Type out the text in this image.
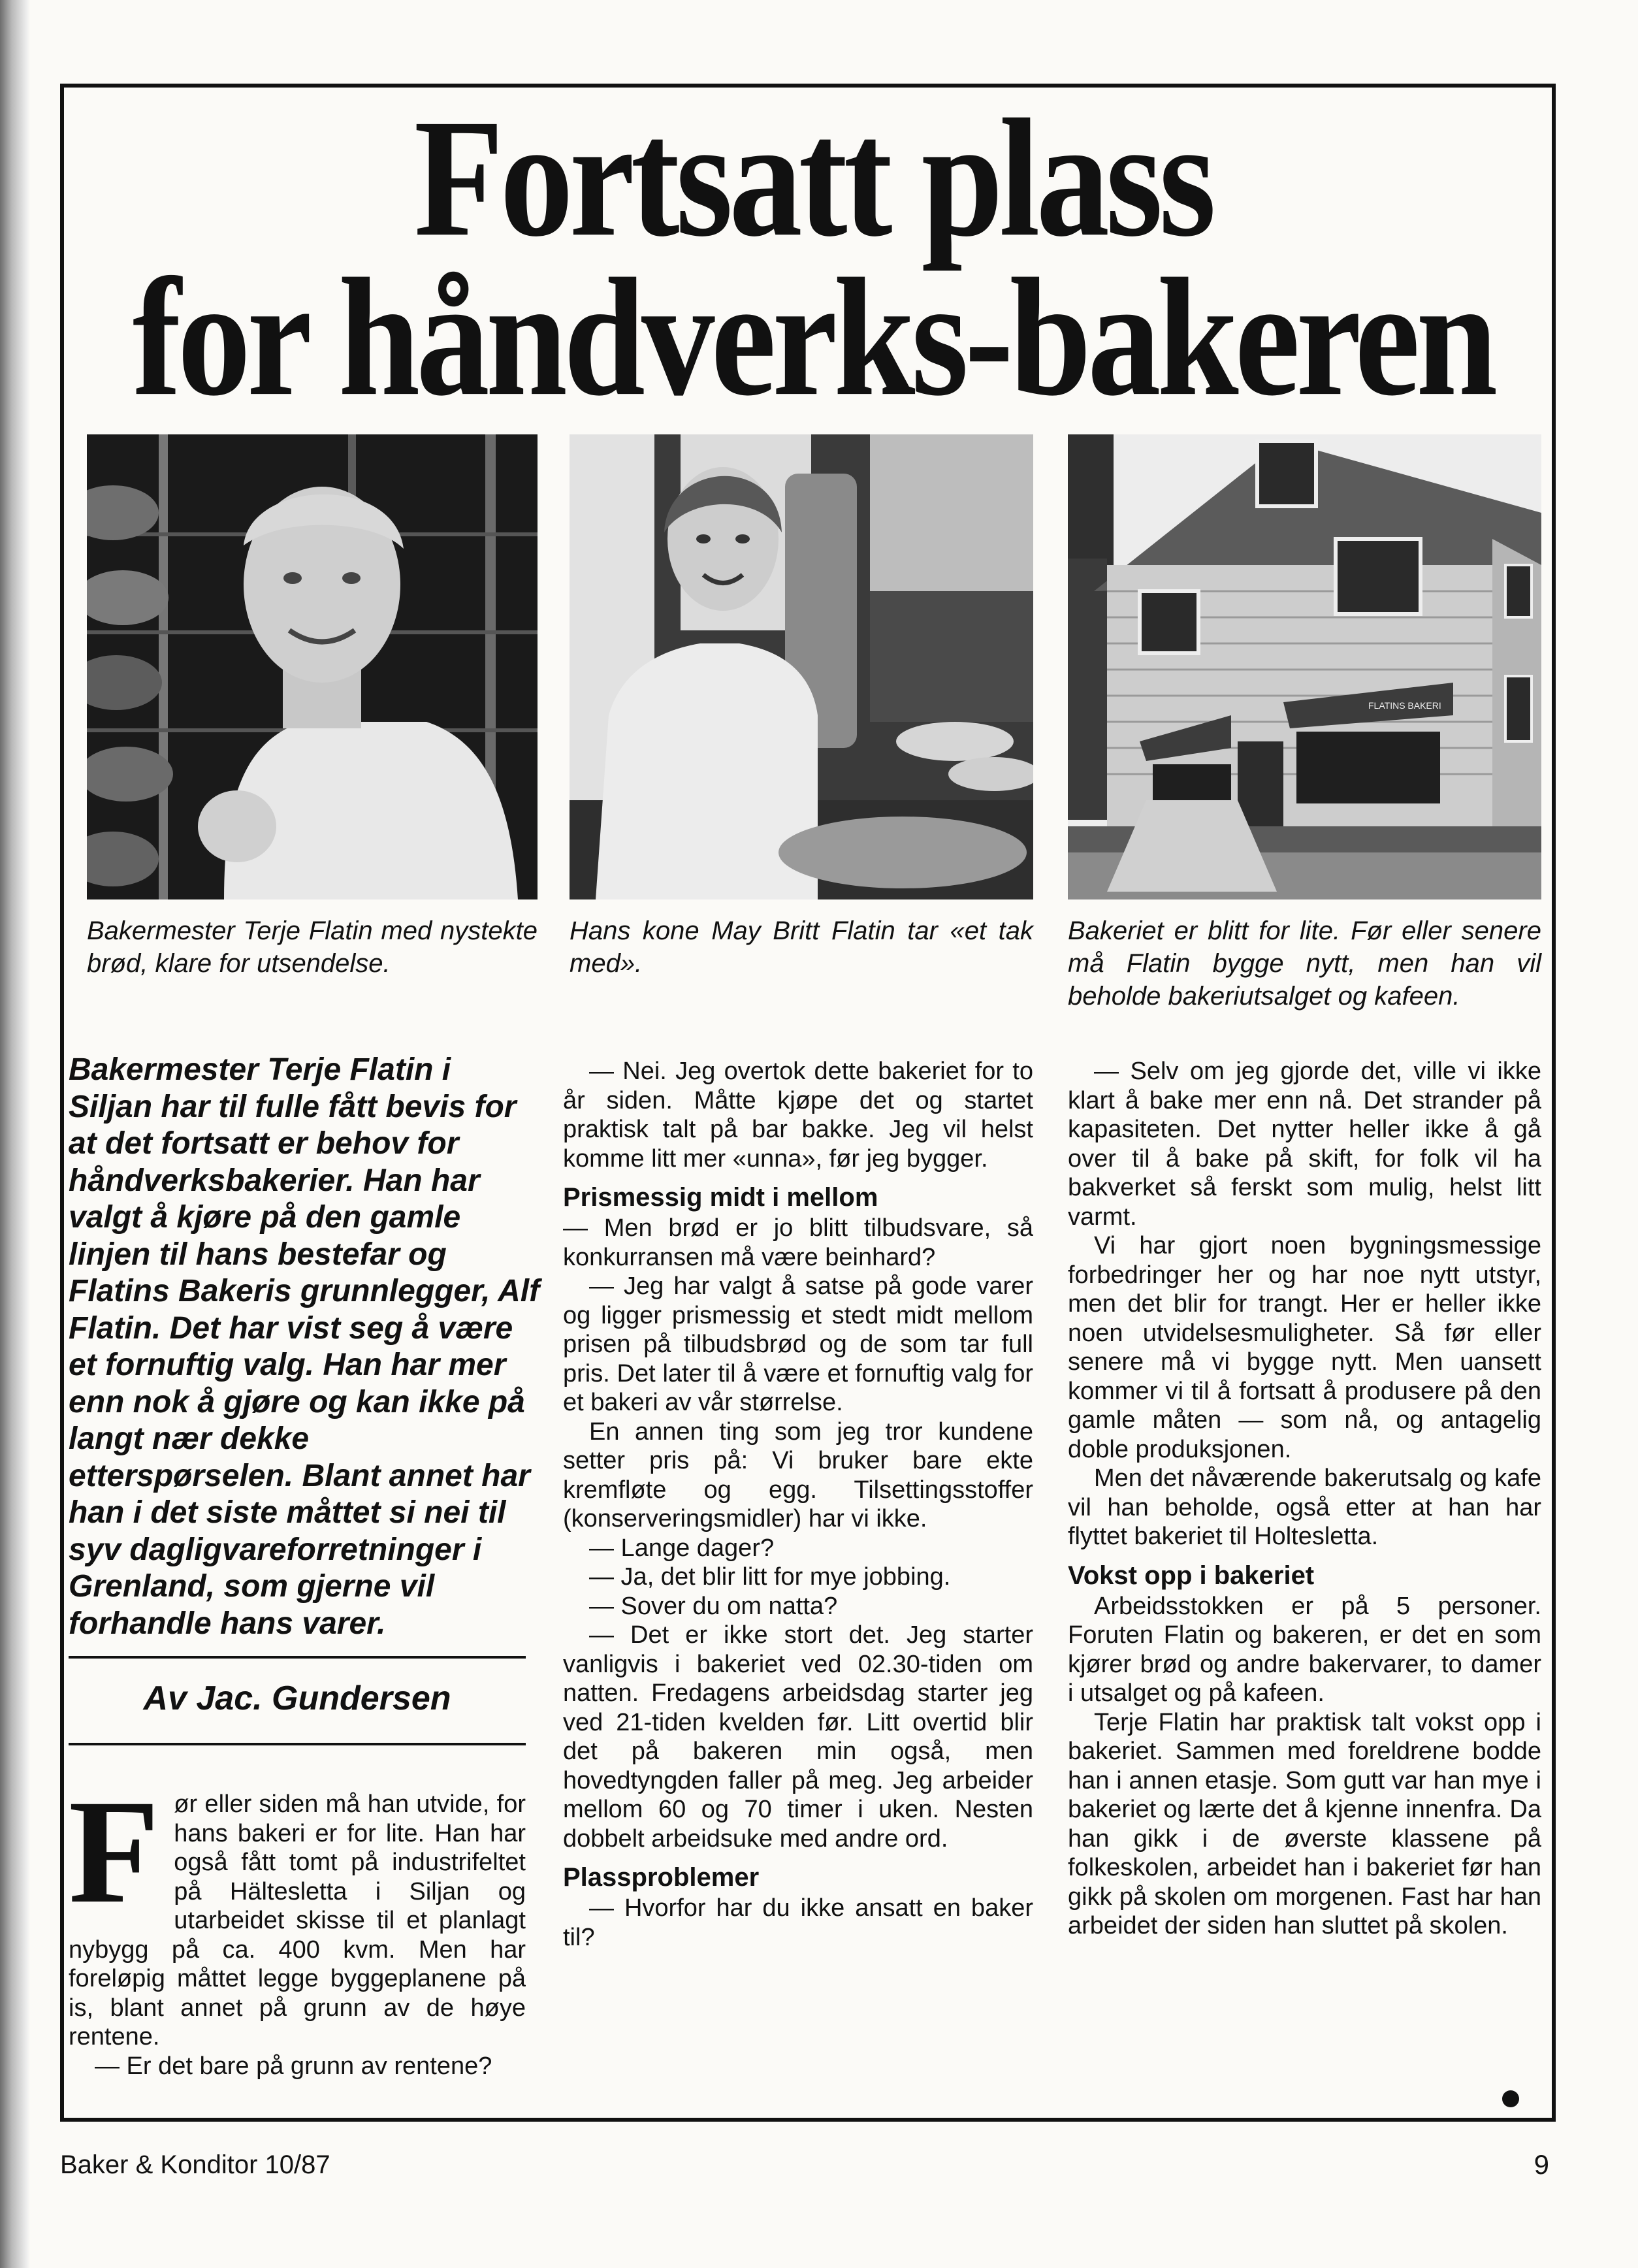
Fortsatt plass
for håndverks-bakeren
FLATINS BAKERI

Bakermester Terje Flatin med nystekte brød, klare for utsendelse.

Hans kone May Britt Flatin tar «et tak med».

Bakeriet er blitt for lite. Før eller senere må Flatin bygge nytt, men han vil beholde bakeriutsalget og kafeen.

Bakermester Terje Flatin i Siljan har til fulle fått bevis for at det fortsatt er behov for håndverksbakerier. Han har valgt å kjøre på den gamle linjen til hans bestefar og Flatins Bakeris grunnlegger, Alf Flatin. Det har vist seg å være et fornuftig valg. Han har mer enn nok å gjøre og kan ikke på langt nær dekke etterspørselen. Blant annet har han i det siste måttet si nei til syv dagligvareforretninger i Grenland, som gjerne vil forhandle hans varer.

Av Jac. Gundersen

Før eller siden må han utvide, for hans bakeri er for lite. Han har også fått tomt på industrifeltet på Hältesletta i Siljan og utarbeidet skisse til et planlagt nybygg på ca. 400 kvm. Men har foreløpig måttet legge byggeplanene på is, blant annet på grunn av de høye rentene.

— Er det bare på grunn av rentene?

— Nei. Jeg overtok dette bakeriet for to år siden. Måtte kjøpe det og startet praktisk talt på bar bakke. Jeg vil helst komme litt mer «unna», før jeg bygger.

Prismessig midt i mellom

— Men brød er jo blitt tilbudsvare, så konkurransen må være beinhard?

— Jeg har valgt å satse på gode varer og ligger prismessig et stedt midt mellom prisen på tilbudsbrød og de som tar full pris. Det later til å være et fornuftig valg for et bakeri av vår størrelse.

En annen ting som jeg tror kundene setter pris på: Vi bruker bare ekte kremfløte og egg. Tilsettingsstoffer (konserveringsmidler) har vi ikke.

— Lange dager?

— Ja, det blir litt for mye jobbing.

— Sover du om natta?

— Det er ikke stort det. Jeg starter vanligvis i bakeriet ved 02.30-tiden om natten. Fredagens arbeidsdag starter jeg ved 21-tiden kvelden før. Litt overtid blir det på bakeren min også, men hovedtyngden faller på meg. Jeg arbeider mellom 60 og 70 timer i uken. Nesten dobbelt arbeidsuke med andre ord.

Plassproblemer

— Hvorfor har du ikke ansatt en baker til?

— Selv om jeg gjorde det, ville vi ikke klart å bake mer enn nå. Det strander på kapasiteten. Det nytter heller ikke å gå over til å bake på skift, for folk vil ha bakverket så ferskt som mulig, helst litt varmt.

Vi har gjort noen bygningsmessige forbedringer her og har noe nytt utstyr, men det blir for trangt. Her er heller ikke noen utvidelsesmuligheter. Så før eller senere må vi bygge nytt. Men uansett kommer vi til å fortsatt å produsere på den gamle måten — som nå, og antagelig doble produksjonen.

Men det nåværende bakerutsalg og kafe vil han beholde, også etter at han har flyttet bakeriet til Holtesletta.

Vokst opp i bakeriet

Arbeidsstokken er på 5 personer. Foruten Flatin og bakeren, er det en som kjører brød og andre bakervarer, to damer i utsalget og på kafeen.

Terje Flatin har praktisk talt vokst opp i bakeriet. Sammen med foreldrene bodde han i annen etasje. Som gutt var han mye i bakeriet og lærte det å kjenne innenfra. Da han gikk i de øverste klassene på folkeskolen, arbeidet han i bakeriet før han gikk på skolen om morgenen. Fast har han arbeidet der siden han sluttet på skolen.

Baker & Konditor 10/87	9
